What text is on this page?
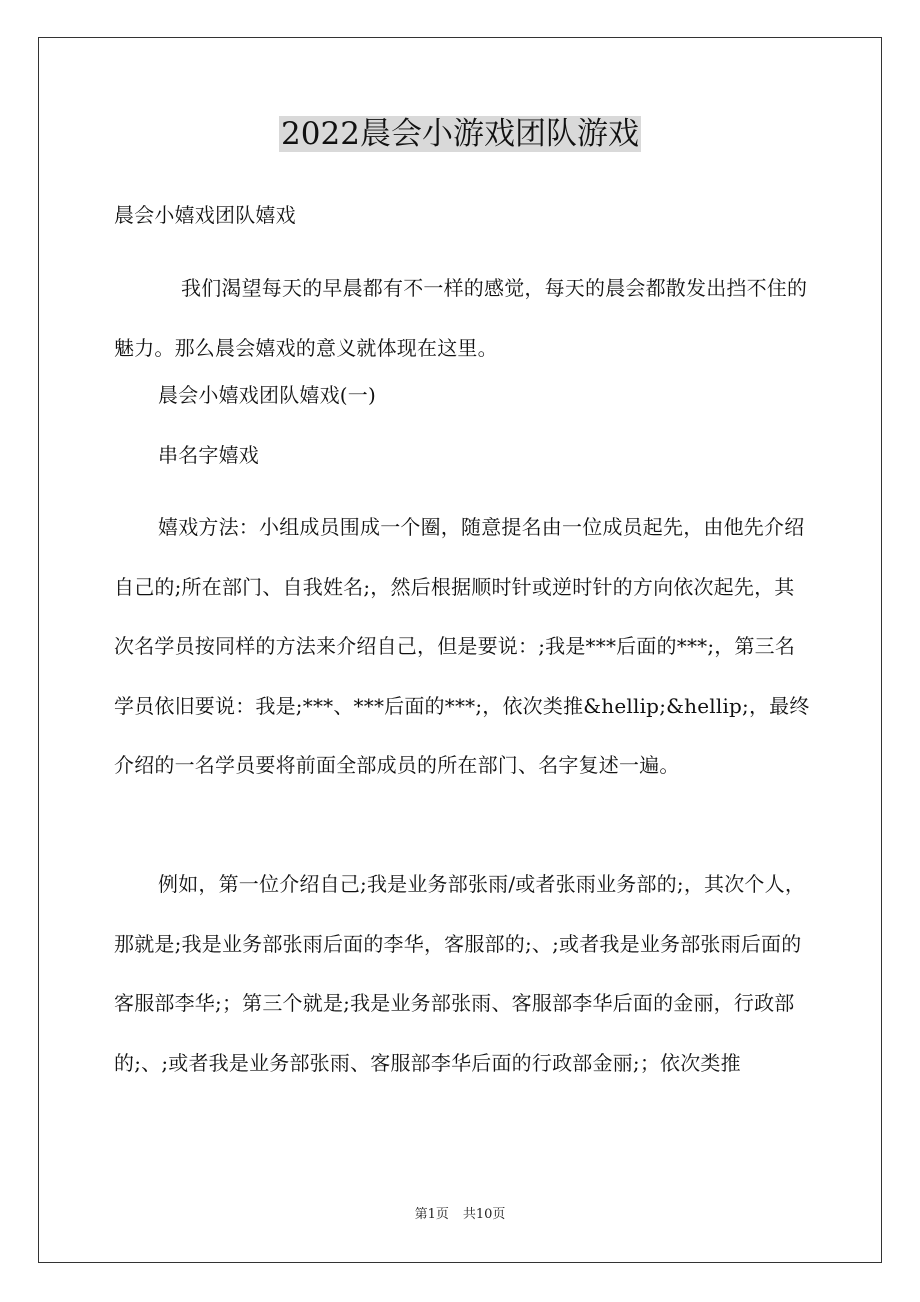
2022晨会小游戏团队游戏

晨会小嬉戏团队嬉戏

我们渴望每天的早晨都有不一样的感觉，每天的晨会都散发出挡不住的魅力。那么晨会嬉戏的意义就体现在这里。

晨会小嬉戏团队嬉戏(一)

串名字嬉戏

嬉戏方法：小组成员围成一个圈，随意提名由一位成员起先，由他先介绍自己的;所在部门、自我姓名;，然后根据顺时针或逆时针的方向依次起先，其次名学员按同样的方法来介绍自己，但是要说：;我是***后面的***;，第三名学员依旧要说：我是;***、***后面的***;，依次类推&hellip;&hellip;，最终介绍的一名学员要将前面全部成员的所在部门、名字复述一遍。

例如，第一位介绍自己;我是业务部张雨/或者张雨业务部的;，其次个人，那就是;我是业务部张雨后面的李华，客服部的;、;或者我是业务部张雨后面的客服部李华;；第三个就是;我是业务部张雨、客服部李华后面的金丽，行政部的;、;或者我是业务部张雨、客服部李华后面的行政部金丽;；依次类推

第1页 共10页
